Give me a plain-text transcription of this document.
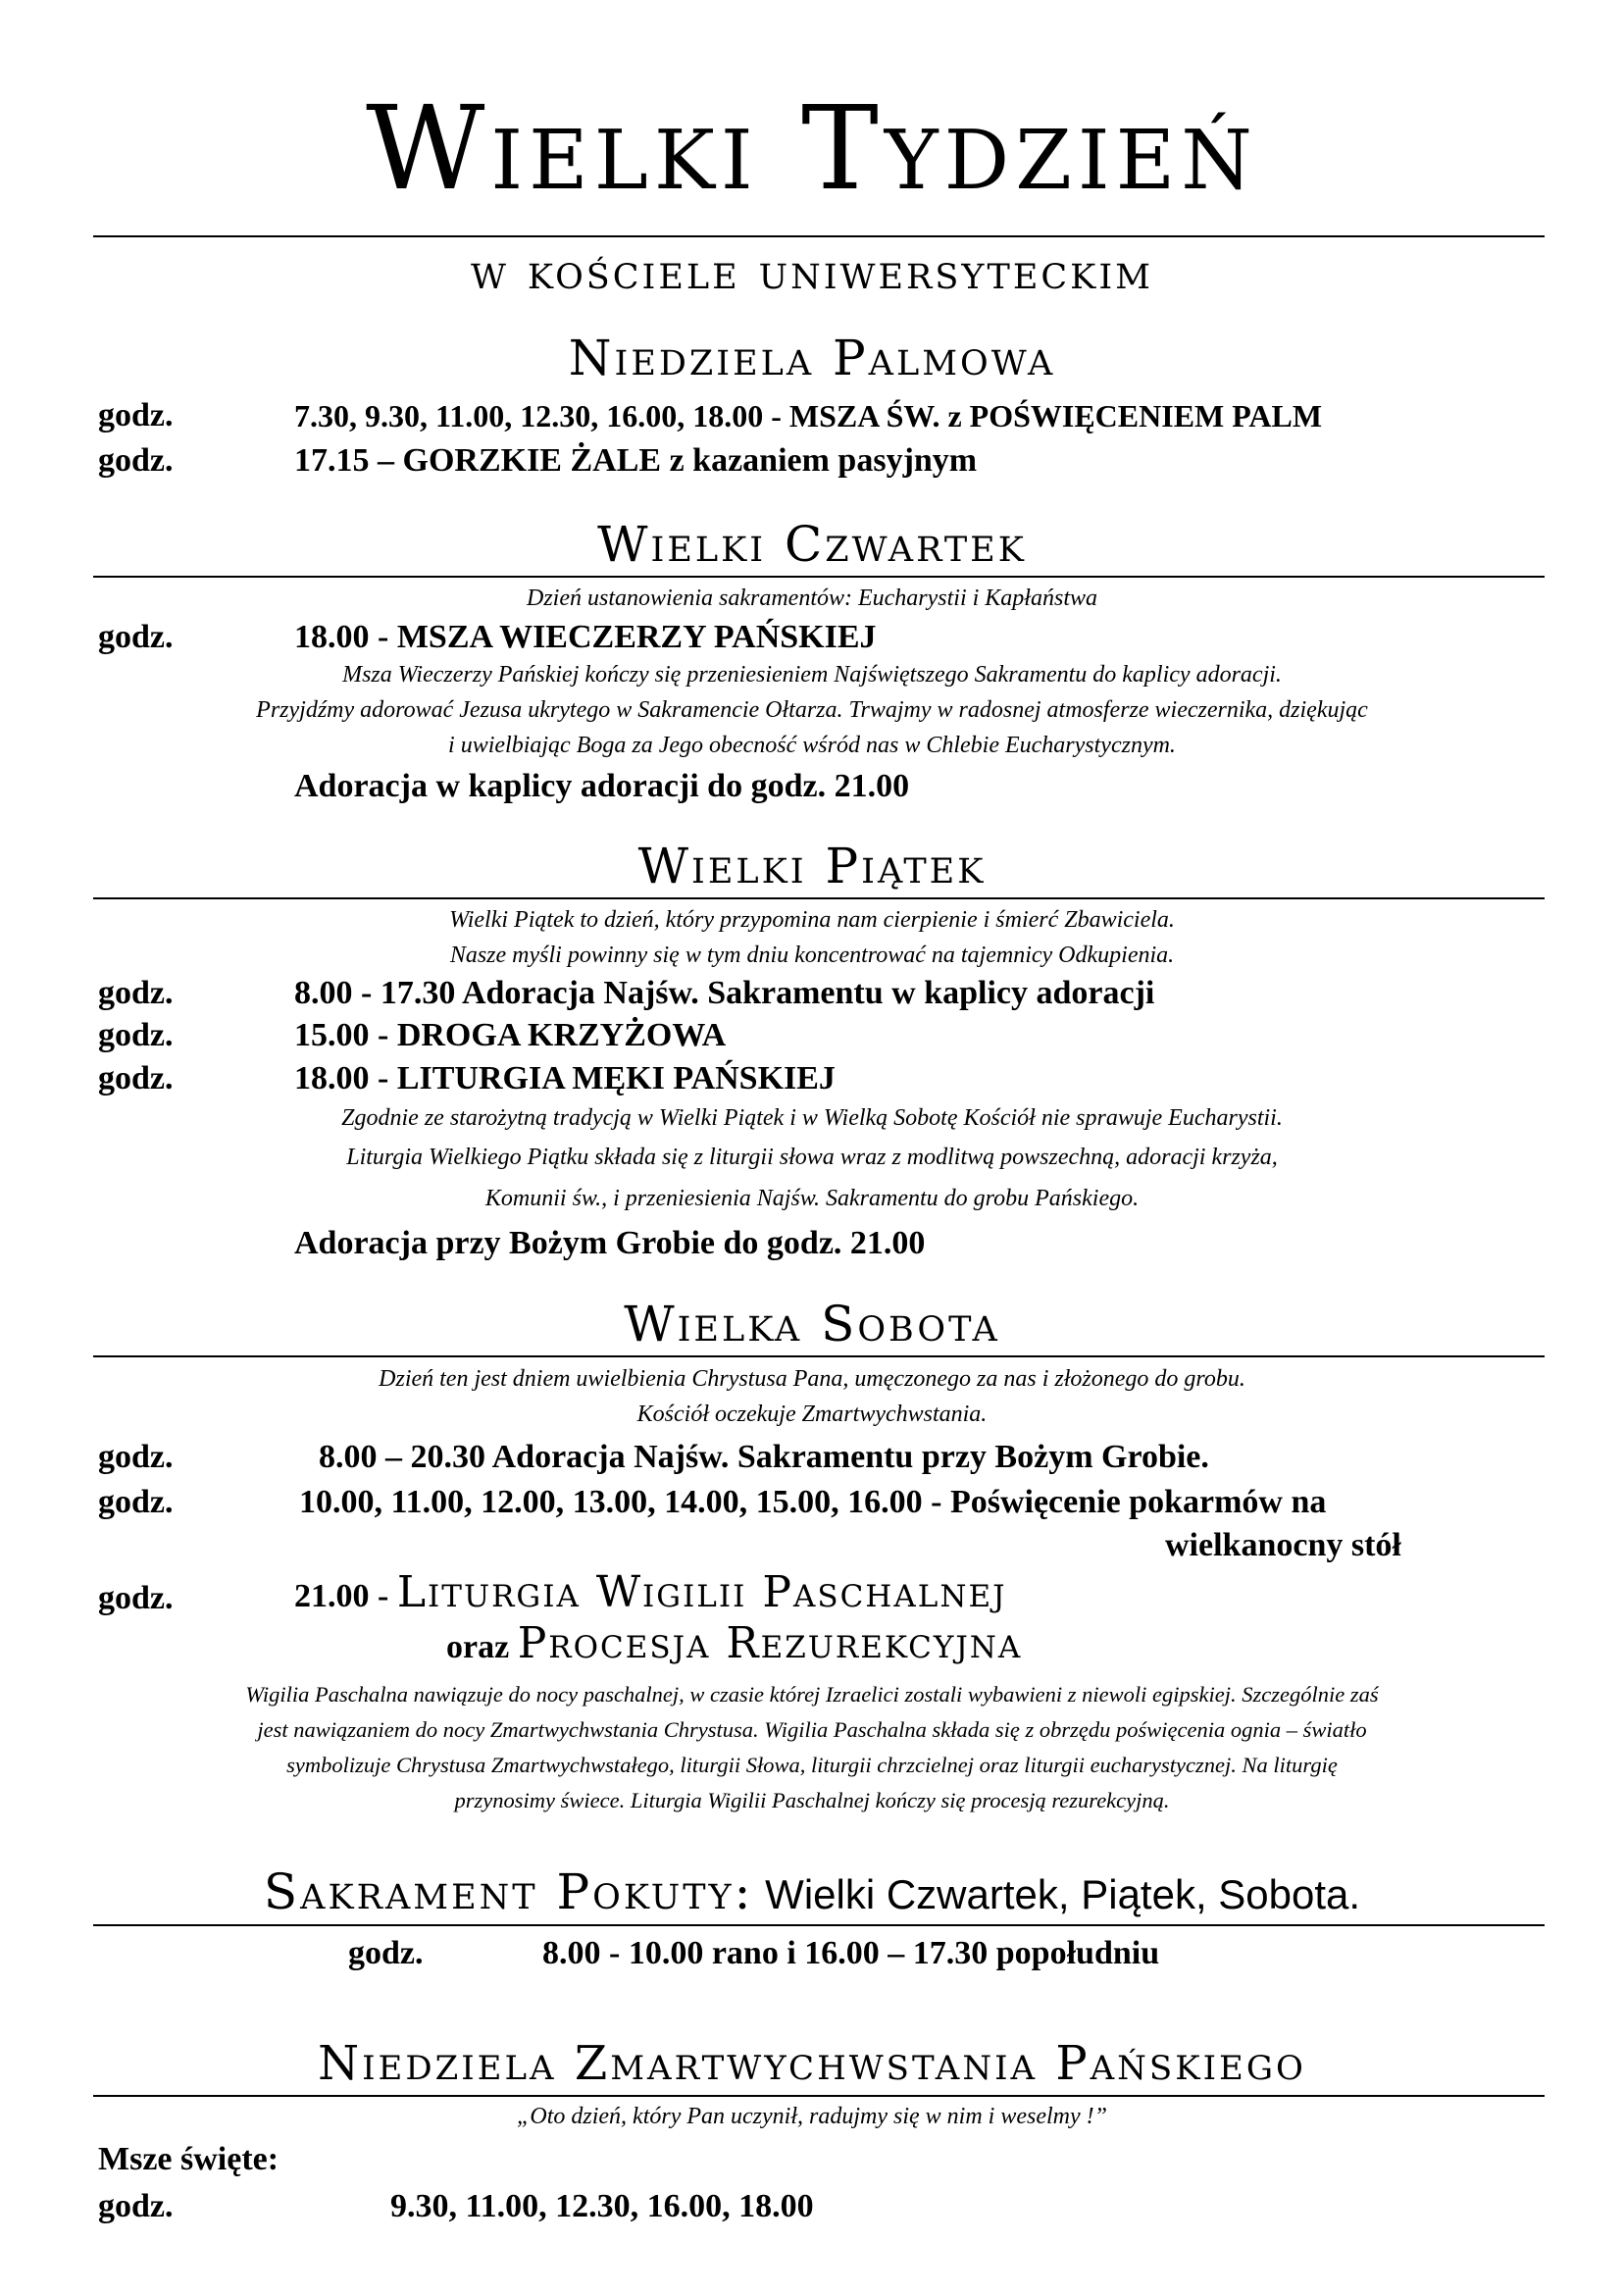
Wielki Tydzień
w kościele uniwersyteckim
Niedziela Palmowa
godz.	7.30, 9.30, 11.00, 12.30, 16.00, 18.00 - MSZA ŚW. z POŚWIĘCENIEM PALM
godz.	17.15 – GORZKIE ŻALE z kazaniem pasyjnym
Wielki Czwartek
Dzień ustanowienia sakramentów: Eucharystii i Kapłaństwa
godz.	18.00 - MSZA WIECZERZY PAŃSKIEJ
Msza Wieczerzy Pańskiej kończy się przeniesieniem Najświętszego Sakramentu do kaplicy adoracji.
Przyjdźmy adorować Jezusa ukrytego w Sakramencie Ołtarza. Trwajmy w radosnej atmosferze wieczernika, dziękując
i uwielbiając Boga za Jego obecność wśród nas w Chlebie Eucharystycznym.
Adoracja w kaplicy adoracji do godz. 21.00
Wielki Piątek
Wielki Piątek to dzień, który przypomina nam cierpienie i śmierć Zbawiciela.
Nasze myśli powinny się w tym dniu koncentrować na tajemnicy Odkupienia.
godz.	8.00 - 17.30 Adoracja Najśw. Sakramentu w kaplicy adoracji
godz.	15.00 - DROGA KRZYŻOWA
godz.	18.00 - LITURGIA MĘKI PAŃSKIEJ
Zgodnie ze starożytną tradycją w Wielki Piątek i w Wielką Sobotę Kościół nie sprawuje Eucharystii.
Liturgia Wielkiego Piątku składa się z liturgii słowa wraz z modlitwą powszechną, adoracji krzyża,
Komunii św., i przeniesienia Najśw. Sakramentu do grobu Pańskiego.
Adoracja przy Bożym Grobie do godz. 21.00
Wielka Sobota
Dzień ten jest dniem uwielbienia Chrystusa Pana, umęczonego za nas i złożonego do grobu.
Kościół oczekuje Zmartwychwstania.
godz.	8.00 – 20.30 Adoracja Najśw. Sakramentu przy Bożym Grobie.
godz.	10.00, 11.00, 12.00, 13.00, 14.00, 15.00, 16.00 - Poświęcenie pokarmów na
wielkanocny stół
godz.	21.00 - Liturgia Wigilii Paschalnej
oraz Procesja Rezurekcyjna
Wigilia Paschalna nawiązuje do nocy paschalnej, w czasie której Izraelici zostali wybawieni z niewoli egipskiej. Szczególnie zaś
jest nawiązaniem do nocy Zmartwychwstania Chrystusa. Wigilia Paschalna składa się z obrzędu poświęcenia ognia – światło
symbolizuje Chrystusa Zmartwychwstałego, liturgii Słowa, liturgii chrzcielnej oraz liturgii eucharystycznej. Na liturgię
przynosimy świece. Liturgia Wigilii Paschalnej kończy się procesją rezurekcyjną.
Sakrament Pokuty: Wielki Czwartek, Piątek, Sobota.
godz.	8.00 - 10.00 rano i 16.00 – 17.30 popołudniu
Niedziela Zmartwychwstania Pańskiego
„Oto dzień, który Pan uczynił, radujmy się w nim i weselmy !”
Msze święte:
godz.	9.30, 11.00, 12.30, 16.00, 18.00
